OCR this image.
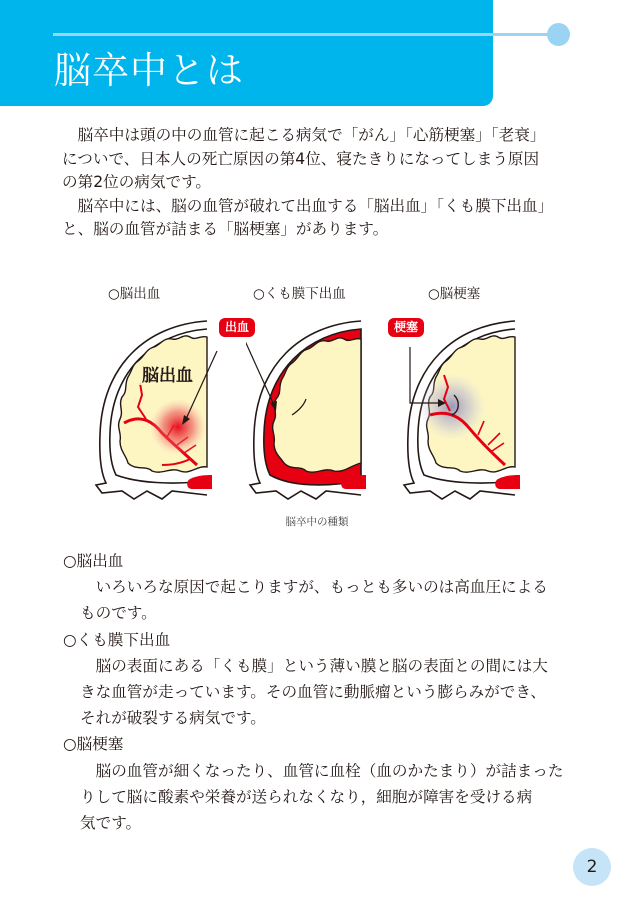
脳卒中とは

脳卒中は頭の中の血管に起こる病気で「がん」「心筋梗塞」「老衰」
についで、日本人の死亡原因の第4位、寝たきりになってしまう原因
の第2位の病気です。

脳卒中には、脳の血管が破れて出血する「脳出血」「くも膜下出血」
と、脳の血管が詰まる「脳梗塞」があります。

○脳出血	○くも膜下出血	○脳梗塞
脳出血
出血	梗塞
脳卒中の種類
○脳出血
いろいろな原因で起こりますが、もっとも多いのは高血圧による
ものです。
○くも膜下出血
脳の表面にある「くも膜」という薄い膜と脳の表面との間には大
きな血管が走っています。その血管に動脈瘤という膨らみができ、
それが破裂する病気です。
○脳梗塞
脳の血管が細くなったり、血管に血栓（血のかたまり）が詰まった
りして脳に酸素や栄養が送られなくなり，細胞が障害を受ける病
気です。
2
